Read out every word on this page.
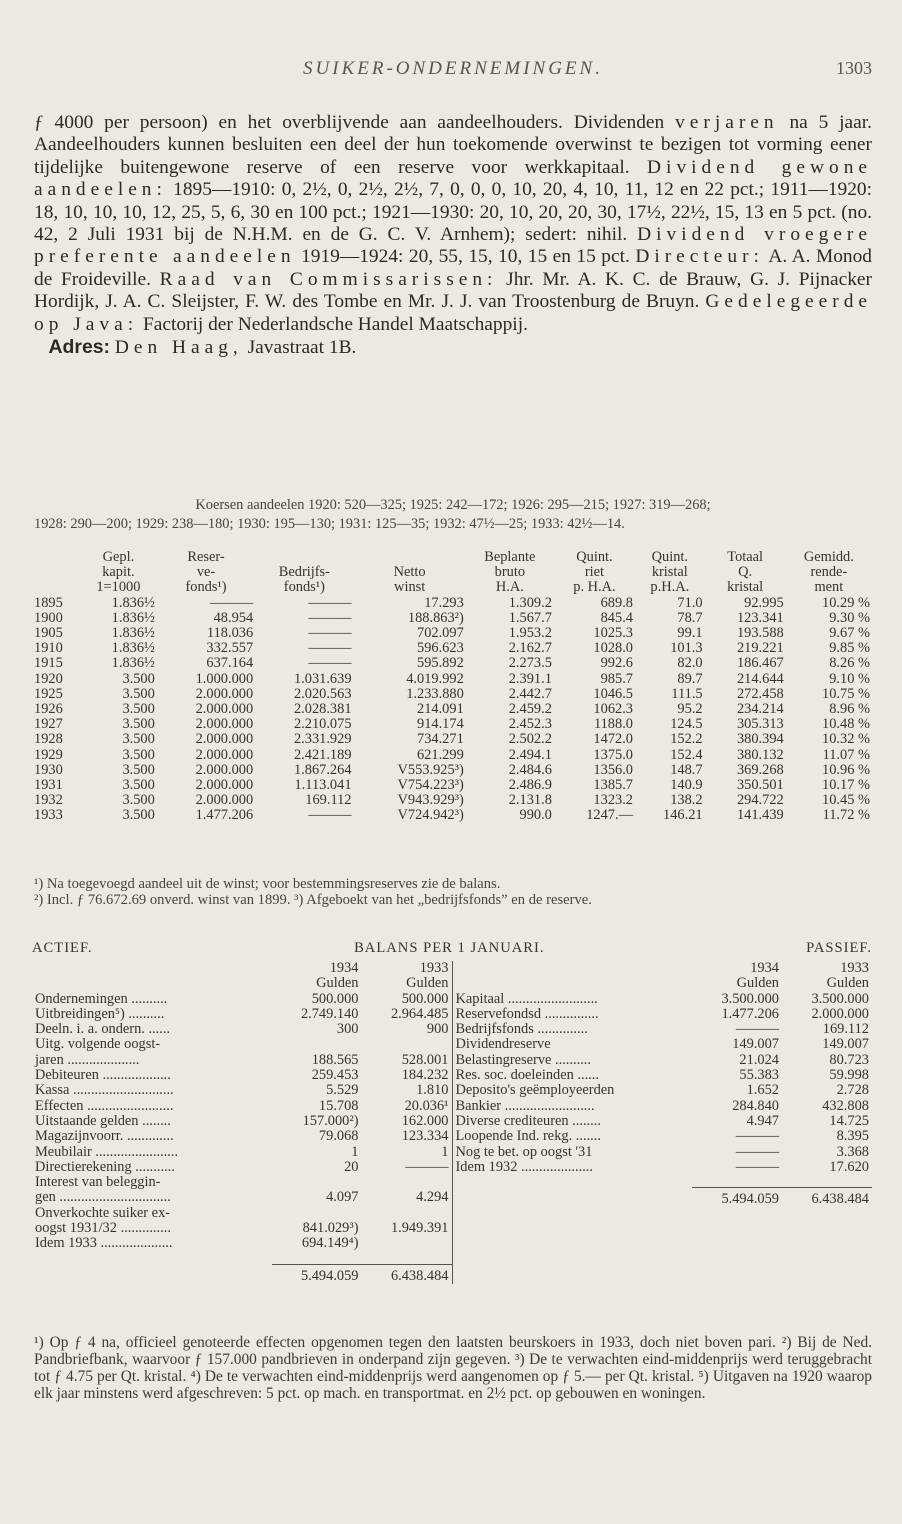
SUIKER-ONDERNEMINGEN.	1303

ƒ 4000 per persoon) en het overblijvende aan aandeelhouders. Dividenden verjaren na 5 jaar. Aandeelhouders kunnen besluiten een deel der hun toekomende overwinst te bezigen tot vorming eener tijdelijke buitengewone reserve of een reserve voor werkkapitaal. Dividend gewone aandeelen: 1895—1910: 0, 2½, 0, 2½, 2½, 7, 0, 0, 0, 10, 20, 4, 10, 11, 12 en 22 pct.; 1911—1920: 18, 10, 10, 10, 12, 25, 5, 6, 30 en 100 pct.; 1921—1930: 20, 10, 20, 20, 30, 17½, 22½, 15, 13 en 5 pct. (no. 42, 2 Juli 1931 bij de N.H.M. en de G. C. V. Arnhem); sedert: nihil. Dividend vroegere preferente aandeelen 1919—1924: 20, 55, 15, 10, 15 en 15 pct. Directeur: A. A. Monod de Froideville. Raad van Commissarissen: Jhr. Mr. A. K. C. de Brauw, G. J. Pijnacker Hordijk, J. A. C. Sleijster, F. W. des Tombe en Mr. J. J. van Troostenburg de Bruyn. Gedelegeerde op Java: Factorij der Nederlandsche Handel Maatschappij.
Adres: Den Haag, Javastraat 1B.

Koersen aandeelen 1920: 520—325; 1925: 242—172; 1926: 295—215; 1927: 319—268;

1928: 290—200; 1929: 238—180; 1930: 195—130; 1931: 125—35; 1932: 47½—25; 1933: 42½—14.

	Gepl.	Reser-			Beplante	Quint.	Quint.	Totaal	Gemidd.
	kapit.	ve-	Bedrijfs-	Netto	bruto	riet	kristal	Q.	rende-
	1=1000	fonds¹)	fonds¹)	winst	H.A.	p. H.A.	p.H.A.	kristal	ment
1895	1.836½	———	———	17.293	1.309.2	689.8	71.0	92.995	10.29 %
1900	1.836½	48.954	———	188.863²)	1.567.7	845.4	78.7	123.341	9.30 %
1905	1.836½	118.036	———	702.097	1.953.2	1025.3	99.1	193.588	9.67 %
1910	1.836½	332.557	———	596.623	2.162.7	1028.0	101.3	219.221	9.85 %
1915	1.836½	637.164	———	595.892	2.273.5	992.6	82.0	186.467	8.26 %
1920	3.500	1.000.000	1.031.639	4.019.992	2.391.1	985.7	89.7	214.644	9.10 %
1925	3.500	2.000.000	2.020.563	1.233.880	2.442.7	1046.5	111.5	272.458	10.75 %
1926	3.500	2.000.000	2.028.381	214.091	2.459.2	1062.3	95.2	234.214	8.96 %
1927	3.500	2.000.000	2.210.075	914.174	2.452.3	1188.0	124.5	305.313	10.48 %
1928	3.500	2.000.000	2.331.929	734.271	2.502.2	1472.0	152.2	380.394	10.32 %
1929	3.500	2.000.000	2.421.189	621.299	2.494.1	1375.0	152.4	380.132	11.07 %
1930	3.500	2.000.000	1.867.264	V553.925³)	2.484.6	1356.0	148.7	369.268	10.96 %
1931	3.500	2.000.000	1.113.041	V754.223³)	2.486.9	1385.7	140.9	350.501	10.17 %
1932	3.500	2.000.000	169.112	V943.929³)	2.131.8	1323.2	138.2	294.722	10.45 %
1933	3.500	1.477.206	———	V724.942³)	990.0	1247.—	146.21	141.439	11.72 %

¹) Na toegevoegd aandeel uit de winst; voor bestemmingsreserves zie de balans.

²) Incl. ƒ 76.672.69 onverd. winst van 1899. ³) Afgeboekt van het „bedrijfsfonds” en de reserve.

ACTIEF.	BALANS PER 1 JANUARI.	PASSIEF.
	1934	1933
	Gulden	Gulden
Ondernemingen ..........	500.000	500.000
Uitbreidingen⁵) ..........	2.749.140	2.964.485
Deeln. i. a. ondern. ......	300	900
Uitg. volgende oogst-		
jaren ....................	188.565	528.001
Debiteuren ...................	259.453	184.232
Kassa ............................	5.529	1.810
Effecten ........................	15.708	20.036¹
Uitstaande gelden ........	157.000²)	162.000
Magazijnvoorr. .............	79.068	123.334
Meubilair .......................	1	1
Directierekening ...........	20	———
Interest van beleggin-		
gen ...............................	4.097	4.294
Onverkochte suiker ex-		
oogst 1931/32 ..............	841.029³)	1.949.391
Idem 1933 ....................	694.149⁴)	

	5.494.059	6.438.484
	1934	1933
	Gulden	Gulden
Kapitaal .........................	3.500.000	3.500.000
Reservefondsd ...............	1.477.206	2.000.000
Bedrijfsfonds ..............	———	169.112
Dividendreserve	149.007	149.007
Belastingreserve ..........	21.024	80.723
Res. soc. doeleinden ......	55.383	59.998
Deposito's geëmployeerden	1.652	2.728
Bankier .........................	284.840	432.808
Diverse crediteuren ........	4.947	14.725
Loopende Ind. rekg. .......	———	8.395
Nog te bet. op oogst '31	———	3.368
Idem 1932 ....................	———	17.620

	5.494.059	6.438.484

¹) Op ƒ 4 na, officieel genoteerde effecten opgenomen tegen den laatsten beurskoers in 1933, doch niet boven pari. ²) Bij de Ned. Pandbriefbank, waarvoor ƒ 157.000 pandbrieven in onderpand zijn gegeven. ³) De te verwachten eind-middenprijs werd teruggebracht tot ƒ 4.75 per Qt. kristal. ⁴) De te verwachten eind-middenprijs werd aangenomen op ƒ 5.— per Qt. kristal. ⁵) Uitgaven na 1920 waarop elk jaar minstens werd afgeschreven: 5 pct. op mach. en transportmat. en 2½ pct. op gebouwen en woningen.
